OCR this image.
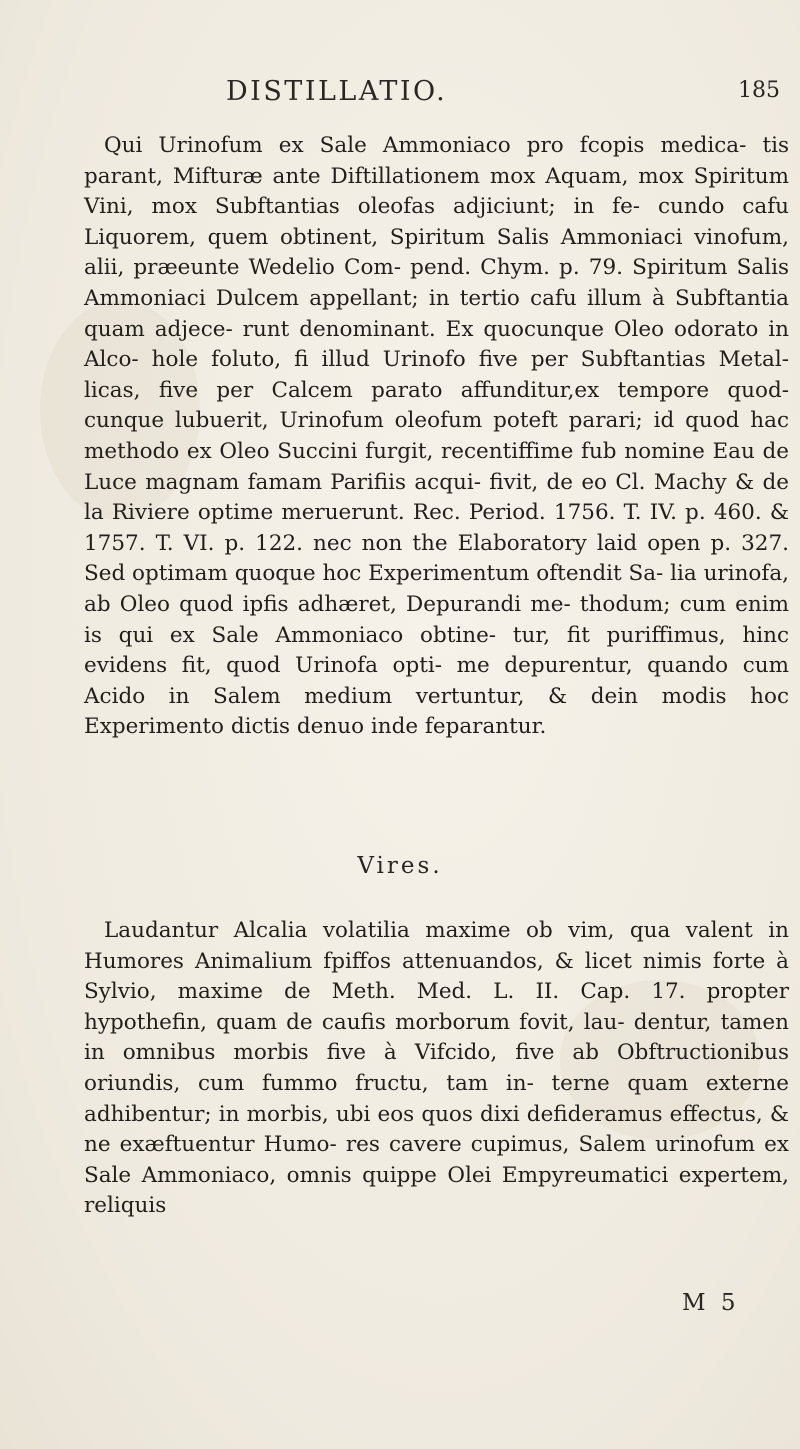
DISTILLATIO.	185

Qui Urinofum ex Sale Ammoniaco pro fcopis medica- tis parant, Mifturæ ante Diftillationem mox Aquam, mox Spiritum Vini, mox Subftantias oleofas adjiciunt; in fe- cundo cafu Liquorem, quem obtinent, Spiritum Salis Ammoniaci vinofum, alii, præeunte Wedelio Com- pend. Chym. p. 79. Spiritum Salis Ammoniaci Dulcem appellant; in tertio cafu illum à Subftantia quam adjece- runt denominant. Ex quocunque Oleo odorato in Alco- hole foluto, fi illud Urinofo five per Subftantias Metal- licas, five per Calcem parato affunditur,ex tempore quod- cunque lubuerit, Urinofum oleofum poteft parari; id quod hac methodo ex Oleo Succini furgit, recentiffime fub nomine Eau de Luce magnam famam Parifiis acqui- fivit, de eo Cl. Machy & de la Riviere optime meruerunt. Rec. Period. 1756. T. IV. p. 460. & 1757. T. VI. p. 122. nec non the Elaboratory laid open p. 327. Sed optimam quoque hoc Experimentum oftendit Sa- lia urinofa, ab Oleo quod ipfis adhæret, Depurandi me- thodum; cum enim is qui ex Sale Ammoniaco obtine- tur, fit puriffimus, hinc evidens fit, quod Urinofa opti- me depurentur, quando cum Acido in Salem medium vertuntur, & dein modis hoc Experimento dictis denuo inde feparantur.

Vires.

Laudantur Alcalia volatilia maxime ob vim, qua valent in Humores Animalium fpiffos attenuandos, & licet nimis forte à Sylvio, maxime de Meth. Med. L. II. Cap. 17. propter hypothefin, quam de caufis morborum fovit, lau- dentur, tamen in omnibus morbis five à Vifcido, five ab Obftructionibus oriundis, cum fummo fructu, tam in- terne quam externe adhibentur; in morbis, ubi eos quos dixi defideramus effectus, & ne exæftuentur Humo- res cavere cupimus, Salem urinofum ex Sale Ammoniaco, omnis quippe Olei Empyreumatici expertem, reliquis

M 5
